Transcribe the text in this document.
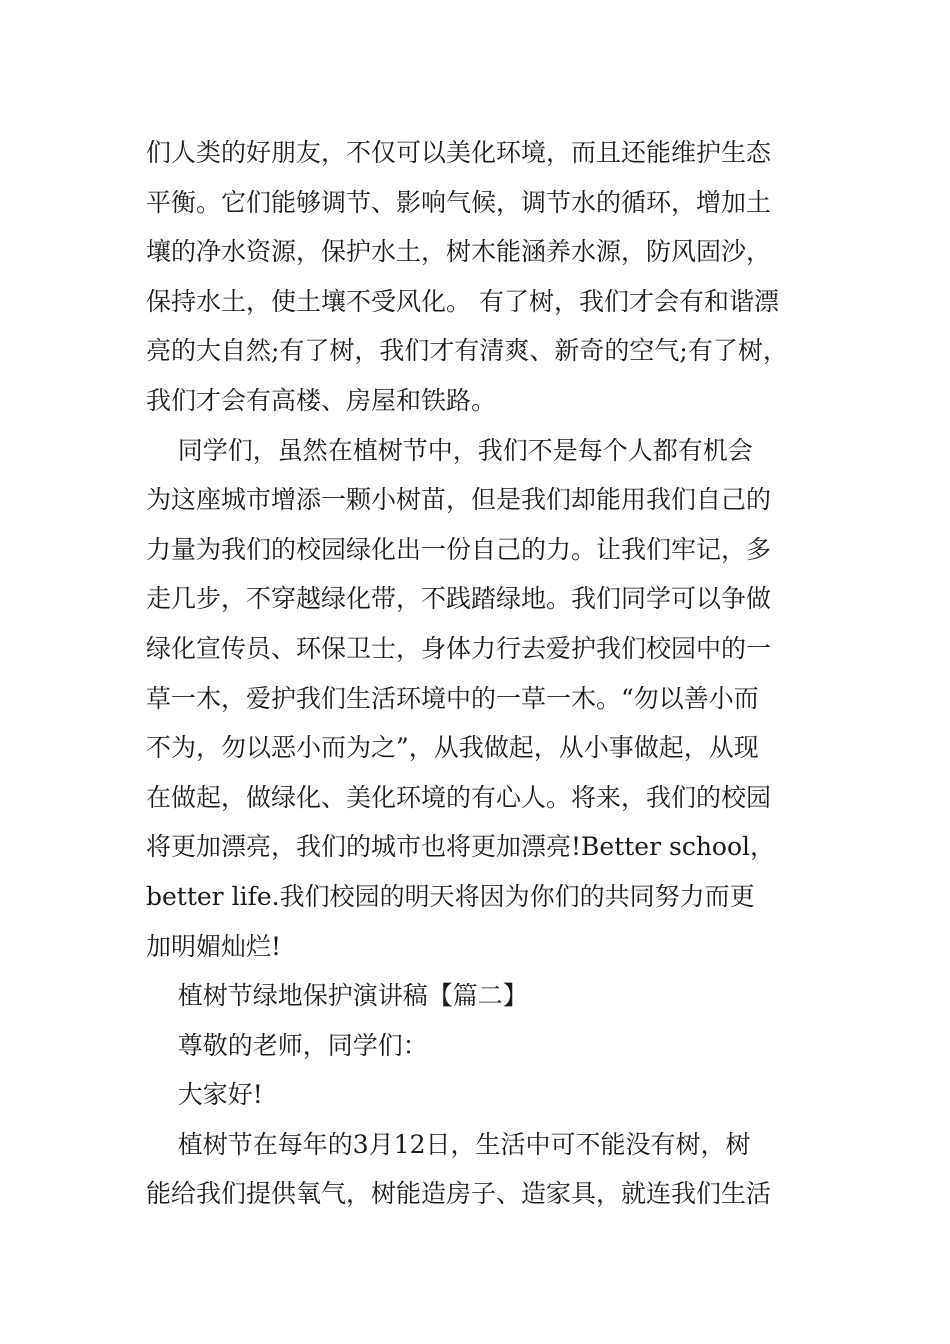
们人类的好朋友，不仅可以美化环境，而且还能维护生态
平衡。它们能够调节、影响气候，调节水的循环，增加土
壤的净水资源，保护水土，树木能涵养水源，防风固沙，
保持水土，使土壤不受风化。 有了树，我们才会有和谐漂
亮的大自然;有了树，我们才有清爽、新奇的空气;有了树，
我们才会有高楼、房屋和铁路。
同学们，虽然在植树节中，我们不是每个人都有机会
为这座城市增添一颗小树苗，但是我们却能用我们自己的
力量为我们的校园绿化出一份自己的力。让我们牢记，多
走几步，不穿越绿化带，不践踏绿地。我们同学可以争做
绿化宣传员、环保卫士，身体力行去爱护我们校园中的一
草一木，爱护我们生活环境中的一草一木。“勿以善小而
不为，勿以恶小而为之”，从我做起，从小事做起，从现
在做起，做绿化、美化环境的有心人。将来，我们的校园
将更加漂亮，我们的城市也将更加漂亮!Better school，
better life.我们校园的明天将因为你们的共同努力而更
加明媚灿烂!
植树节绿地保护演讲稿【篇二】
尊敬的老师，同学们：
大家好!
植树节在每年的3月12日，生活中可不能没有树，树
能给我们提供氧气，树能造房子、造家具，就连我们生活
